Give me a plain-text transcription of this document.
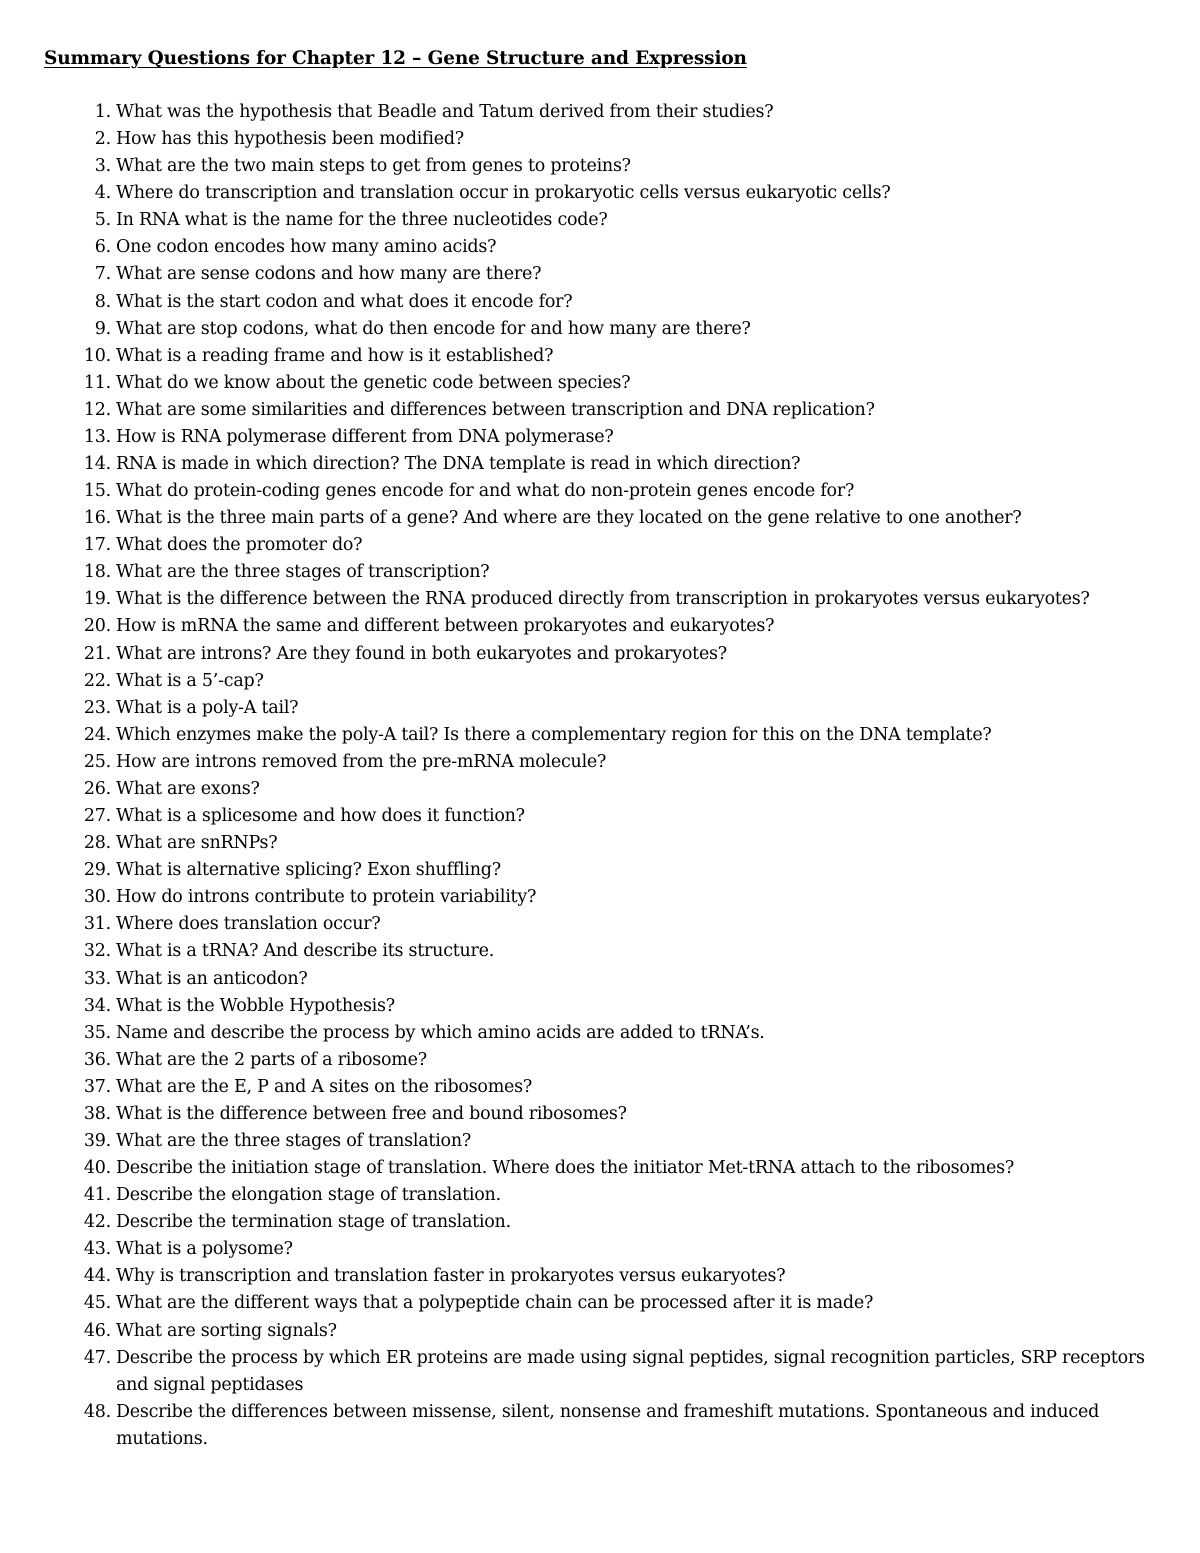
Summary Questions for Chapter 12 – Gene Structure and Expression
1. What was the hypothesis that Beadle and Tatum derived from their studies?
2. How has this hypothesis been modified?
3. What are the two main steps to get from genes to proteins?
4. Where do transcription and translation occur in prokaryotic cells versus eukaryotic cells?
5. In RNA what is the name for the three nucleotides code?
6. One codon encodes how many amino acids?
7. What are sense codons and how many are there?
8. What is the start codon and what does it encode for?
9. What are stop codons, what do then encode for and how many are there?
10. What is a reading frame and how is it established?
11. What do we know about the genetic code between species?
12. What are some similarities and differences between transcription and DNA replication?
13. How is RNA polymerase different from DNA polymerase?
14. RNA is made in which direction? The DNA template is read in which direction?
15. What do protein-coding genes encode for and what do non-protein genes encode for?
16. What is the three main parts of a gene? And where are they located on the gene relative to one another?
17. What does the promoter do?
18. What are the three stages of transcription?
19. What is the difference between the RNA produced directly from transcription in prokaryotes versus eukaryotes?
20. How is mRNA the same and different between prokaryotes and eukaryotes?
21. What are introns? Are they found in both eukaryotes and prokaryotes?
22. What is a 5’-cap?
23. What is a poly-A tail?
24. Which enzymes make the poly-A tail? Is there a complementary region for this on the DNA template?
25. How are introns removed from the pre-mRNA molecule?
26. What are exons?
27. What is a splicesome and how does it function?
28. What are snRNPs?
29. What is alternative splicing? Exon shuffling?
30. How do introns contribute to protein variability?
31. Where does translation occur?
32. What is a tRNA? And describe its structure.
33. What is an anticodon?
34. What is the Wobble Hypothesis?
35. Name and describe the process by which amino acids are added to tRNA’s.
36. What are the 2 parts of a ribosome?
37. What are the E, P and A sites on the ribosomes?
38. What is the difference between free and bound ribosomes?
39. What are the three stages of translation?
40. Describe the initiation stage of translation. Where does the initiator Met-tRNA attach to the ribosomes?
41. Describe the elongation stage of translation.
42. Describe the termination stage of translation.
43. What is a polysome?
44. Why is transcription and translation faster in prokaryotes versus eukaryotes?
45. What are the different ways that a polypeptide chain can be processed after it is made?
46. What are sorting signals?
47. Describe the process by which ER proteins are made using signal peptides, signal recognition particles, SRP receptors and signal peptidases
48. Describe the differences between missense, silent, nonsense and frameshift mutations. Spontaneous and induced mutations.
